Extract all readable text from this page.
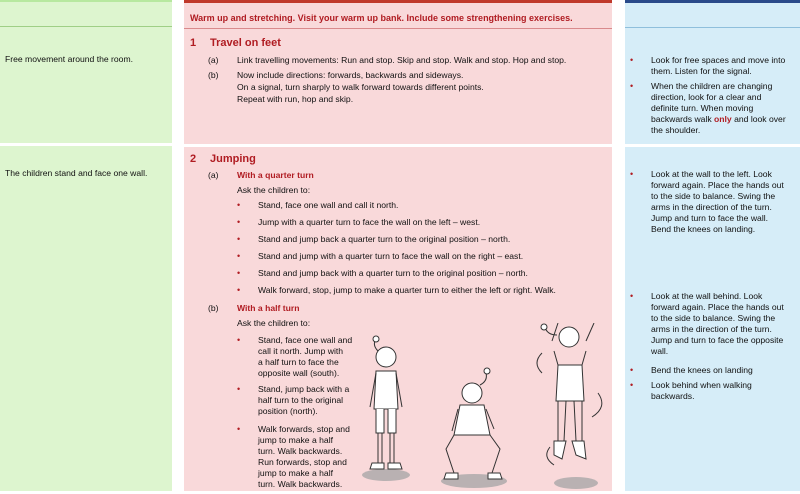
Free movement around the room.
The children stand and face one wall.
Warm up and stretching. Visit your warm up bank. Include some strengthening exercises.
1 Travel on feet
(a) Link travelling movements: Run and stop. Skip and stop. Walk and stop. Hop and stop.
(b) Now include directions: forwards, backwards and sideways.
On a signal, turn sharply to walk forward towards different points.
Repeat with run, hop and skip.
2 Jumping
(a) With a quarter turn
Ask the children to:
• Stand, face one wall and call it north.
• Jump with a quarter turn to face the wall on the left – west.
• Stand and jump back a quarter turn to the original position – north.
• Stand and jump with a quarter turn to face the wall on the right – east.
• Stand and jump back with a quarter turn to the original position – north.
• Walk forward, stop, jump to make a quarter turn to either the left or right. Walk.
(b) With a half turn
Ask the children to:
• Stand, face one wall and
call it north. Jump with
a half turn to face the
opposite wall (south).
• Stand, jump back with a
half turn to the original
position (north).
• Walk forwards, stop and
jump to make a half
turn. Walk backwards.
Run forwards, stop and
jump to make a half
turn. Walk backwards.
• Look for free spaces and move into
them. Listen for the signal.
• When the children are changing
direction, look for a clear and
definite turn. When moving
backwards walk only and look over
the shoulder.
• Look at the wall to the left. Look
forward again. Place the hands out
to the side to balance. Swing the
arms in the direction of the turn.
Jump and turn to face the wall.
Bend the knees on landing.
• Look at the wall behind. Look
forward again. Place the hands out
to the side to balance. Swing the
arms in the direction of the turn.
Jump and turn to face the opposite
wall.
• Bend the knees on landing
• Look behind when walking
backwards.
